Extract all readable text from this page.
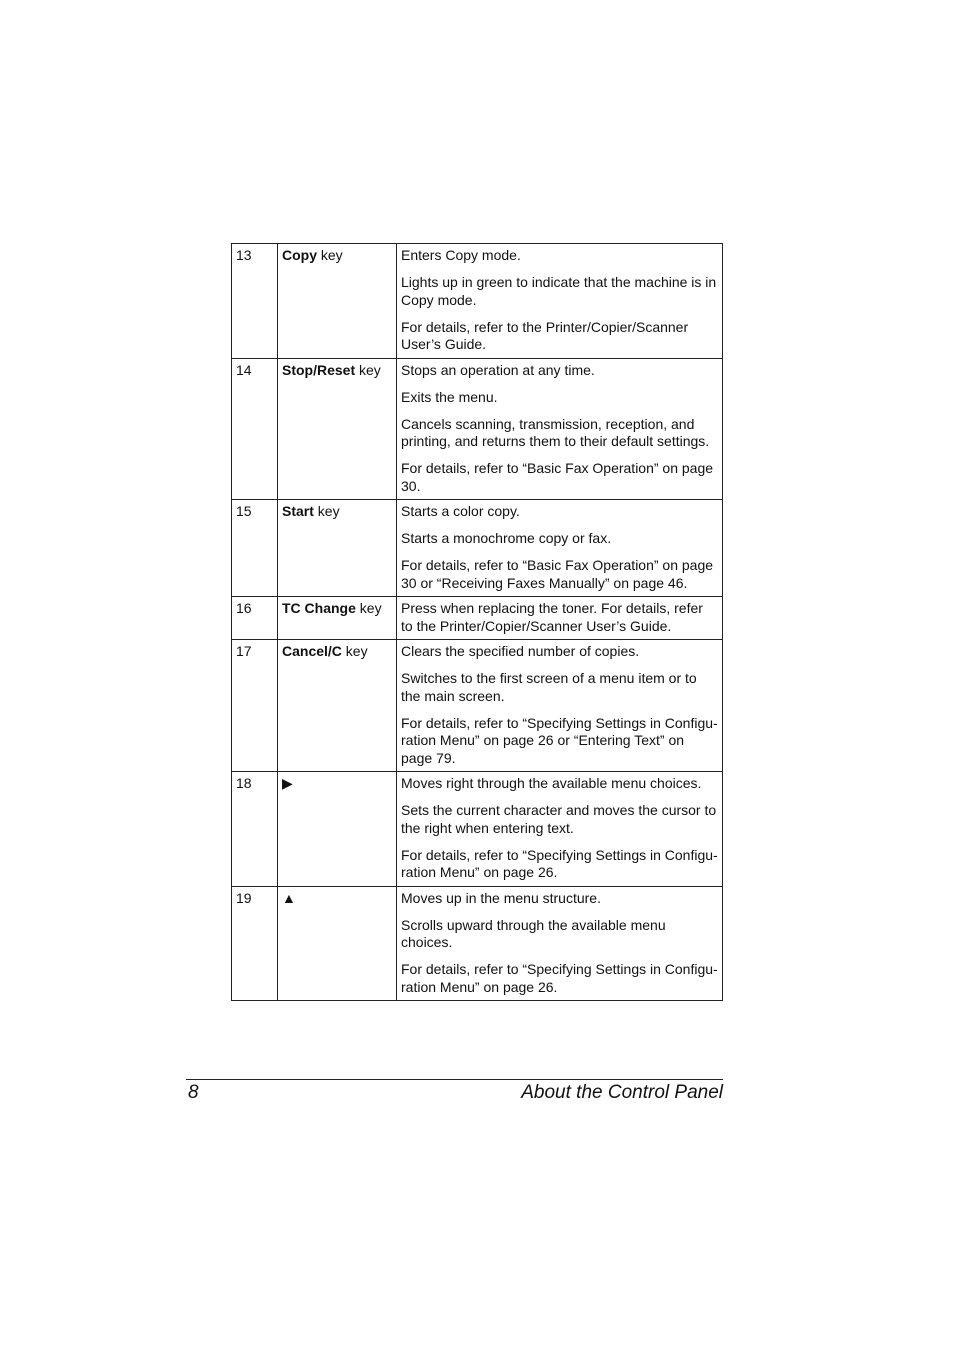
13	Copy key	Enters Copy mode.

Lights up in green to indicate that the machine is in Copy mode.

For details, refer to the Printer/Copier/Scanner User’s Guide.

14	Stop/Reset key	Stops an operation at any time.

Exits the menu.

Cancels scanning, transmission, reception, and printing, and returns them to their default settings.

For details, refer to “Basic Fax Operation” on page 30.

15	Start key	Starts a color copy.

Starts a monochrome copy or fax.

For details, refer to “Basic Fax Operation” on page 30 or “Receiving Faxes Manually” on page 46.

16	TC Change key	Press when replacing the toner. For details, refer to the Printer/Copier/Scanner User’s Guide.

17	Cancel/C key	Clears the specified number of copies.

Switches to the first screen of a menu item or to the main screen.

For details, refer to “Specifying Settings in Configu-ration Menu” on page 26 or “Entering Text” on page 79.

18	▶	Moves right through the available menu choices.

Sets the current character and moves the cursor to the right when entering text.

For details, refer to “Specifying Settings in Configu-ration Menu” on page 26.

19	▲	Moves up in the menu structure.

Scrolls upward through the available menu choices.

For details, refer to “Specifying Settings in Configu-ration Menu” on page 26.

8	About the Control Panel
